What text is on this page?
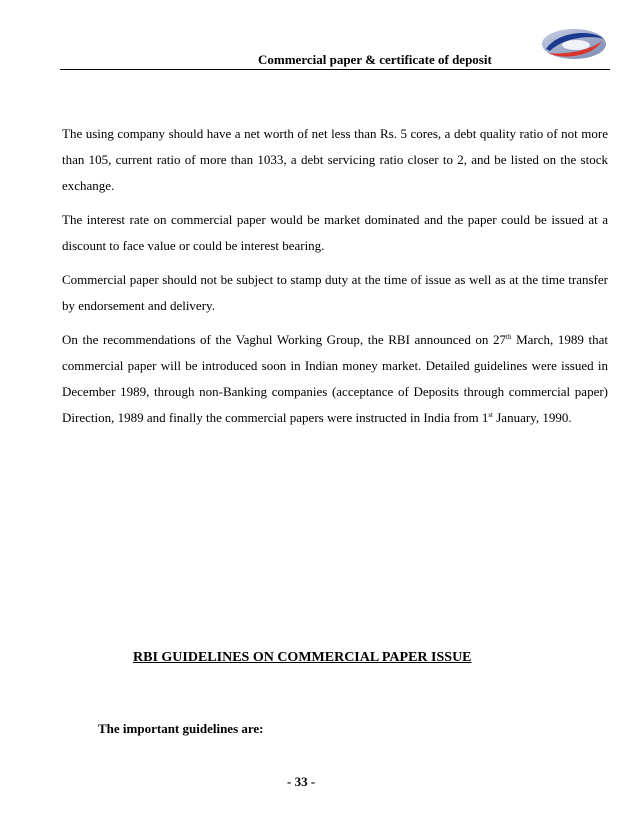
Commercial paper & certificate of deposit

The using company should have a net worth of net less than Rs. 5 cores, a debt quality ratio of not more than 105, current ratio of more than 1033, a debt servicing ratio closer to 2, and be listed on the stock exchange.

The interest rate on commercial paper would be market dominated and the paper could be issued at a discount to face value or could be interest bearing.

Commercial paper should not be subject to stamp duty at the time of issue as well as at the time transfer by endorsement and delivery.

On the recommendations of the Vaghul Working Group, the RBI announced on 27th March, 1989 that commercial paper will be introduced soon in Indian money market. Detailed guidelines were issued in December 1989, through non-Banking companies (acceptance of Deposits through commercial paper) Direction, 1989 and finally the commercial papers were instructed in India from 1st January, 1990.

RBI GUIDELINES ON COMMERCIAL PAPER ISSUE
The important guidelines are:
- 33 -
